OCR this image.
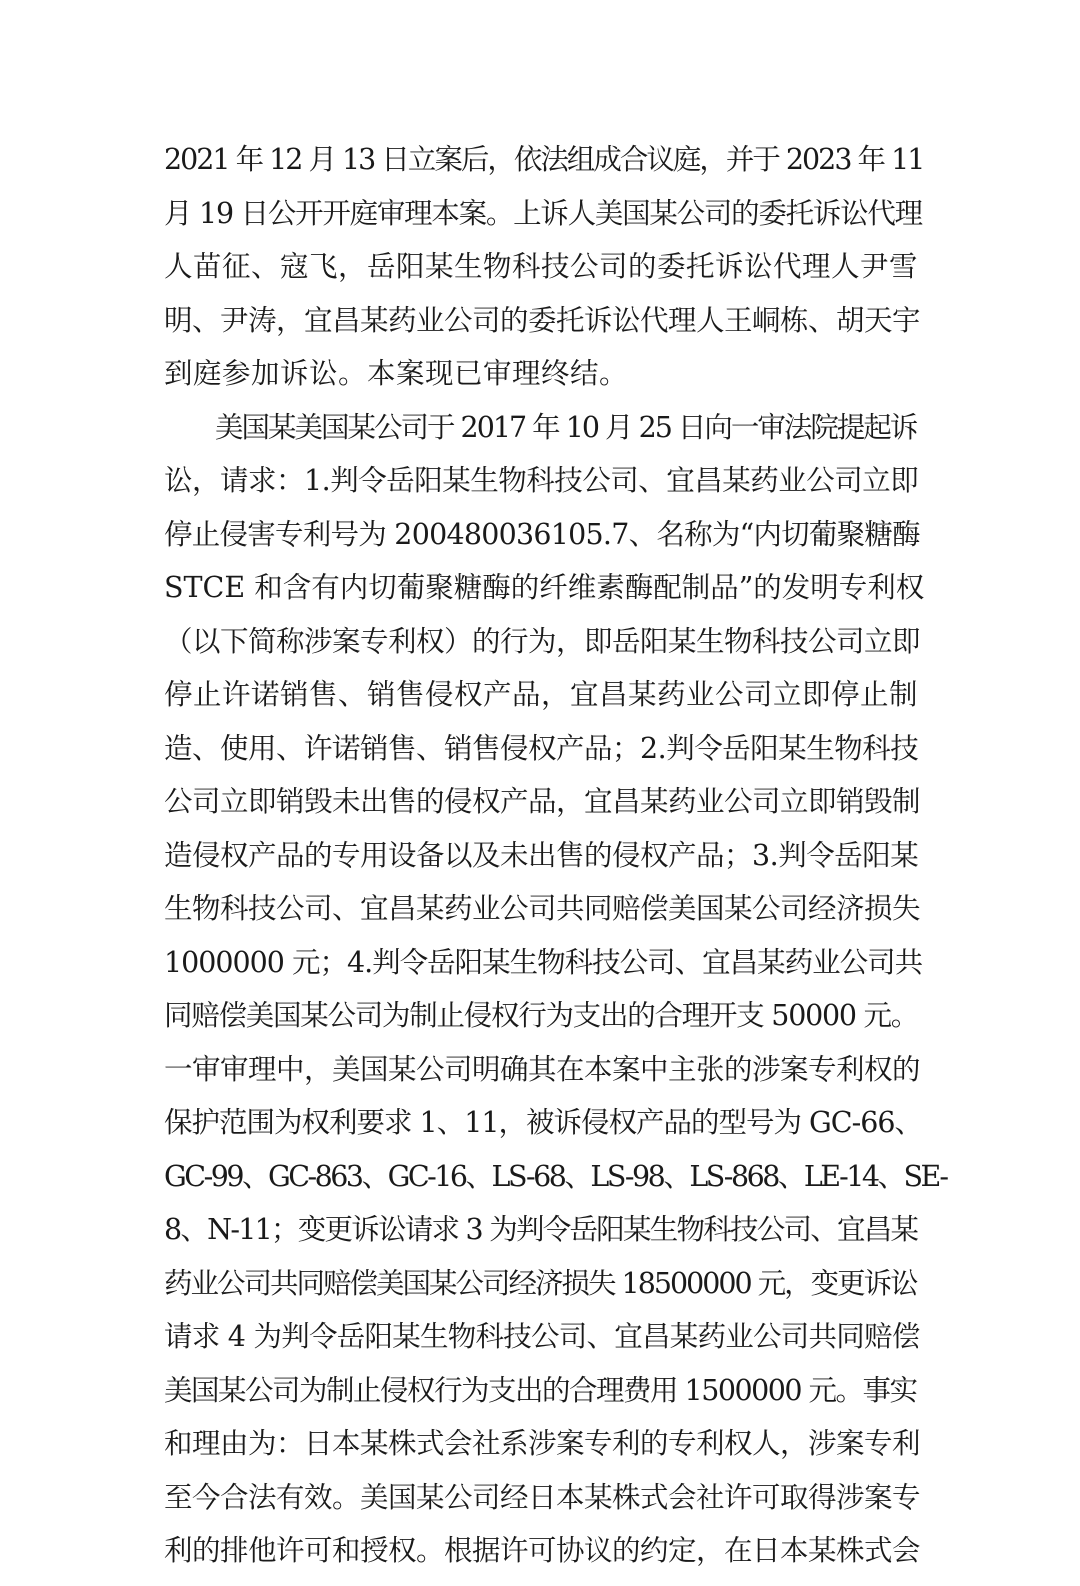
2021 年 12 月 13 日立案后，依法组成合议庭，并于 2023 年 11
月 19 日公开开庭审理本案。上诉人美国某公司的委托诉讼代理
人苗征、寇飞，岳阳某生物科技公司的委托诉讼代理人尹雪
明、尹涛，宜昌某药业公司的委托诉讼代理人王峒栋、胡天宇
到庭参加诉讼。本案现已审理终结。
美国某美国某公司于 2017 年 10 月 25 日向一审法院提起诉
讼，请求：1.判令岳阳某生物科技公司、宜昌某药业公司立即
停止侵害专利号为 200480036105.7、名称为“内切葡聚糖酶
STCE 和含有内切葡聚糖酶的纤维素酶配制品”的发明专利权
（以下简称涉案专利权）的行为，即岳阳某生物科技公司立即
停止许诺销售、销售侵权产品，宜昌某药业公司立即停止制
造、使用、许诺销售、销售侵权产品；2.判令岳阳某生物科技
公司立即销毁未出售的侵权产品，宜昌某药业公司立即销毁制
造侵权产品的专用设备以及未出售的侵权产品；3.判令岳阳某
生物科技公司、宜昌某药业公司共同赔偿美国某公司经济损失
1000000 元；4.判令岳阳某生物科技公司、宜昌某药业公司共
同赔偿美国某公司为制止侵权行为支出的合理开支 50000 元。
一审审理中，美国某公司明确其在本案中主张的涉案专利权的
保护范围为权利要求 1、11，被诉侵权产品的型号为 GC-66、
GC-99、GC-863、GC-16、LS-68、LS-98、LS-868、LE-14、SE-
8、N-11；变更诉讼请求 3 为判令岳阳某生物科技公司、宜昌某
药业公司共同赔偿美国某公司经济损失 18500000 元，变更诉讼
请求 4 为判令岳阳某生物科技公司、宜昌某药业公司共同赔偿
美国某公司为制止侵权行为支出的合理费用 1500000 元。事实
和理由为：日本某株式会社系涉案专利的专利权人，涉案专利
至今合法有效。美国某公司经日本某株式会社许可取得涉案专
利的排他许可和授权。根据许可协议的约定，在日本某株式会
